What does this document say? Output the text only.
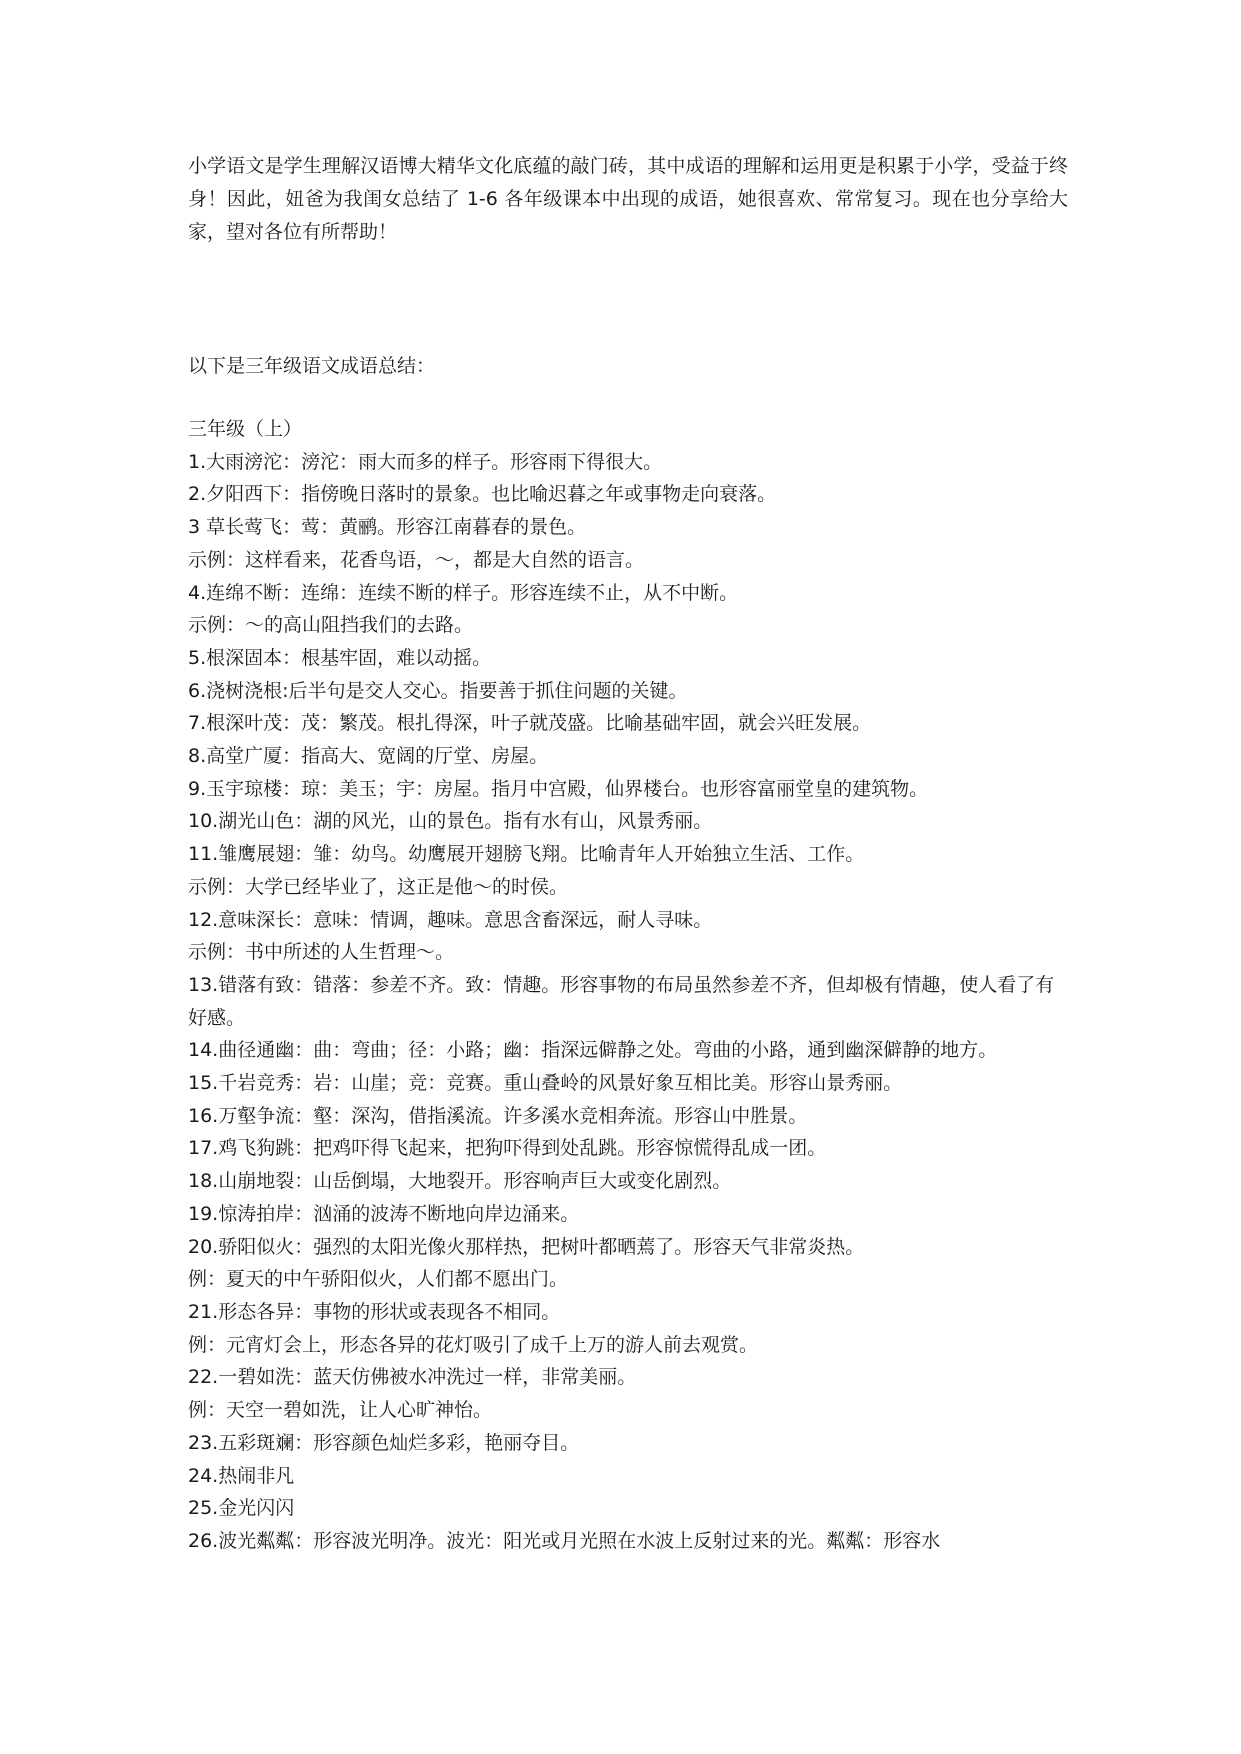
小学语文是学生理解汉语博大精华文化底蕴的敲门砖，其中成语的理解和运用更是积累于小学，受益于终身！因此，妞爸为我闺女总结了 1-6 各年级课本中出现的成语，她很喜欢、常常复习。现在也分享给大家，望对各位有所帮助！

以下是三年级语文成语总结：

三年级（上）

1.大雨滂沱：滂沱：雨大而多的样子。形容雨下得很大。

2.夕阳西下：指傍晚日落时的景象。也比喻迟暮之年或事物走向衰落。

3 草长莺飞：莺：黄鹂。形容江南暮春的景色。

示例：这样看来，花香鸟语，～，都是大自然的语言。

4.连绵不断：连绵：连续不断的样子。形容连续不止，从不中断。

示例：～的高山阻挡我们的去路。

5.根深固本：根基牢固，难以动摇。

6.浇树浇根:后半句是交人交心。指要善于抓住问题的关键。

7.根深叶茂：茂：繁茂。根扎得深，叶子就茂盛。比喻基础牢固，就会兴旺发展。

8.高堂广厦：指高大、宽阔的厅堂、房屋。

9.玉宇琼楼：琼：美玉；宇：房屋。指月中宫殿，仙界楼台。也形容富丽堂皇的建筑物。

10.湖光山色：湖的风光，山的景色。指有水有山，风景秀丽。

11.雏鹰展翅：雏：幼鸟。幼鹰展开翅膀飞翔。比喻青年人开始独立生活、工作。

示例：大学已经毕业了，这正是他～的时侯。

12.意味深长：意味：情调，趣味。意思含畜深远，耐人寻味。

示例：书中所述的人生哲理～。

13.错落有致：错落：参差不齐。致：情趣。形容事物的布局虽然参差不齐，但却极有情趣，使人看了有好感。

14.曲径通幽：曲：弯曲；径：小路；幽：指深远僻静之处。弯曲的小路，通到幽深僻静的地方。

15.千岩竞秀：岩：山崖；竞：竞赛。重山叠岭的风景好象互相比美。形容山景秀丽。

16.万壑争流：壑：深沟，借指溪流。许多溪水竞相奔流。形容山中胜景。

17.鸡飞狗跳：把鸡吓得飞起来，把狗吓得到处乱跳。形容惊慌得乱成一团。

18.山崩地裂：山岳倒塌，大地裂开。形容响声巨大或变化剧烈。

19.惊涛拍岸：汹涌的波涛不断地向岸边涌来。

20.骄阳似火：强烈的太阳光像火那样热，把树叶都晒蔫了。形容天气非常炎热。

例：夏天的中午骄阳似火，人们都不愿出门。

21.形态各异：事物的形状或表现各不相同。

例：元宵灯会上，形态各异的花灯吸引了成千上万的游人前去观赏。

22.一碧如洗：蓝天仿佛被水冲洗过一样，非常美丽。

例：天空一碧如洗，让人心旷神怡。

23.五彩斑斓：形容颜色灿烂多彩，艳丽夺目。

24.热闹非凡

25.金光闪闪

26.波光粼粼：形容波光明净。波光：阳光或月光照在水波上反射过来的光。粼粼：形容水
